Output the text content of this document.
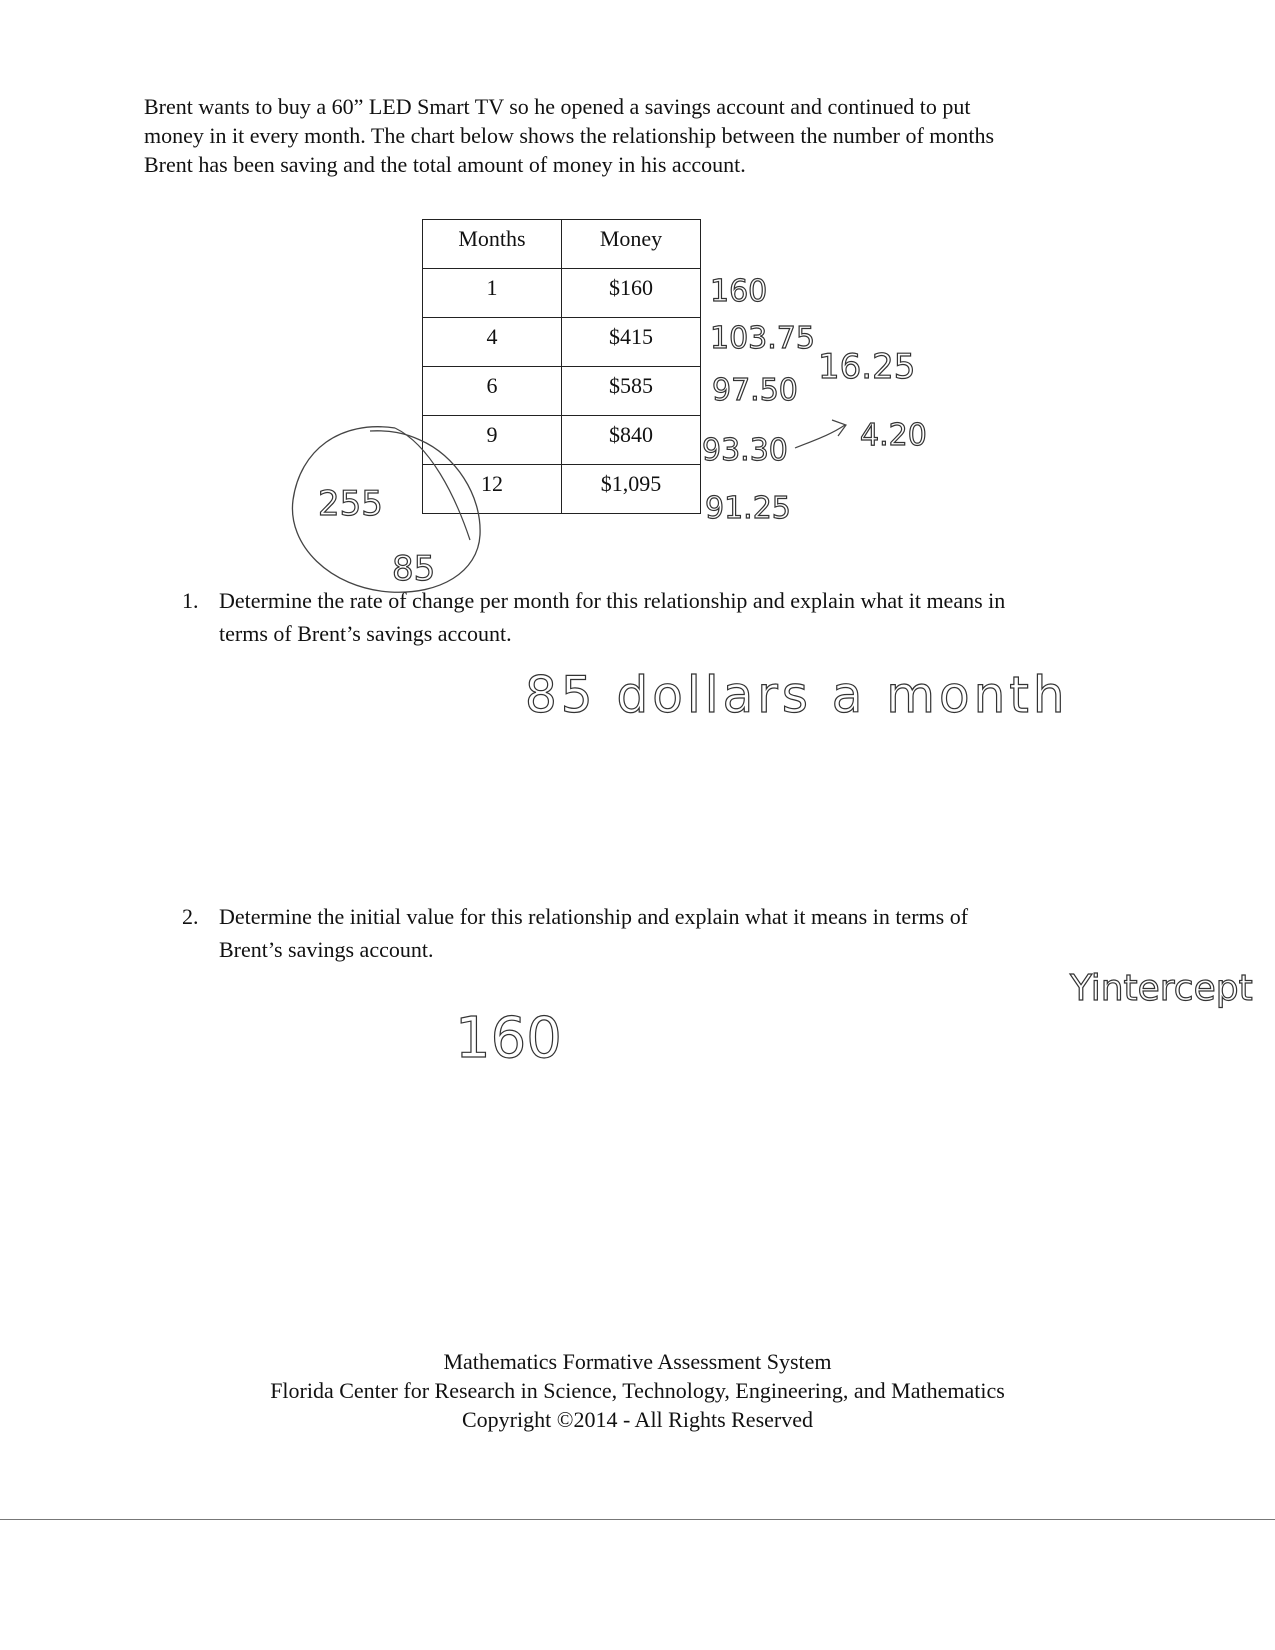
Brent wants to buy a 60” LED Smart TV so he opened a savings account and continued to put

money in it every month. The chart below shows the relationship between the number of months

Brent has been saving and the total amount of money in his account.

Months	Money

1	$160

4	$415

6	$585

9	$840

12	$1,095
1. Determine the rate of change per month for this relationship and explain what it means in
terms of Brent’s savings account.
2. Determine the initial value for this relationship and explain what it means in terms of
Brent’s savings account.
Mathematics Formative Assessment System
Florida Center for Research in Science, Technology, Engineering, and Mathematics
Copyright ©2014 - All Rights Reserved
160
103.75
97.50
93.30
91.25
16.25
4.20
255
85
85 dollars a month
160
Yintercept
